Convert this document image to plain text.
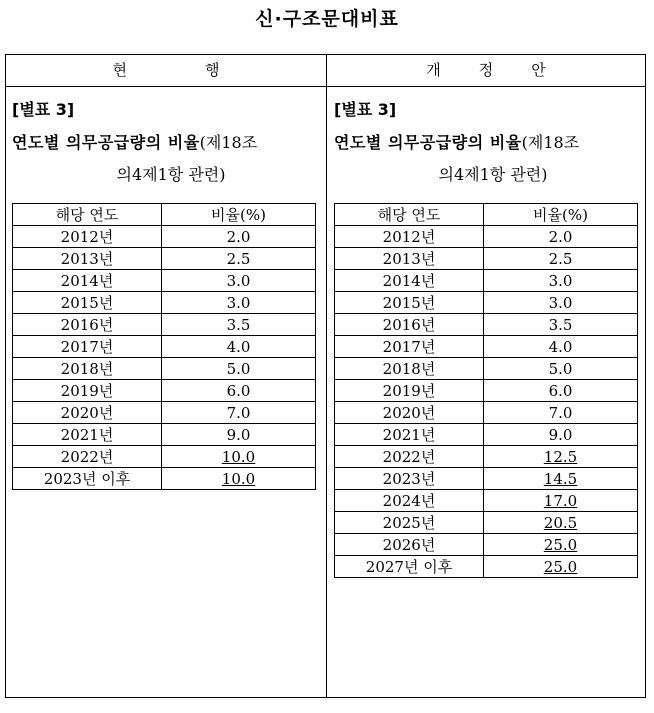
신·구조문대비표
현	행	개	정	안
[별표 3]
연도별 의무공급량의 비율(제18조
의4제1항 관련)
해당 연도	비율(%)
2012년	2.0
2013년	2.5
2014년	3.0
2015년	3.0
2016년	3.5
2017년	4.0
2018년	5.0
2019년	6.0
2020년	7.0
2021년	9.0
2022년	10.0
2023년 이후	10.0
[별표 3]
연도별 의무공급량의 비율(제18조
의4제1항 관련)
해당 연도	비율(%)
2012년	2.0
2013년	2.5
2014년	3.0
2015년	3.0
2016년	3.5
2017년	4.0
2018년	5.0
2019년	6.0
2020년	7.0
2021년	9.0
2022년	12.5
2023년	14.5
2024년	17.0
2025년	20.5
2026년	25.0
2027년 이후	25.0
